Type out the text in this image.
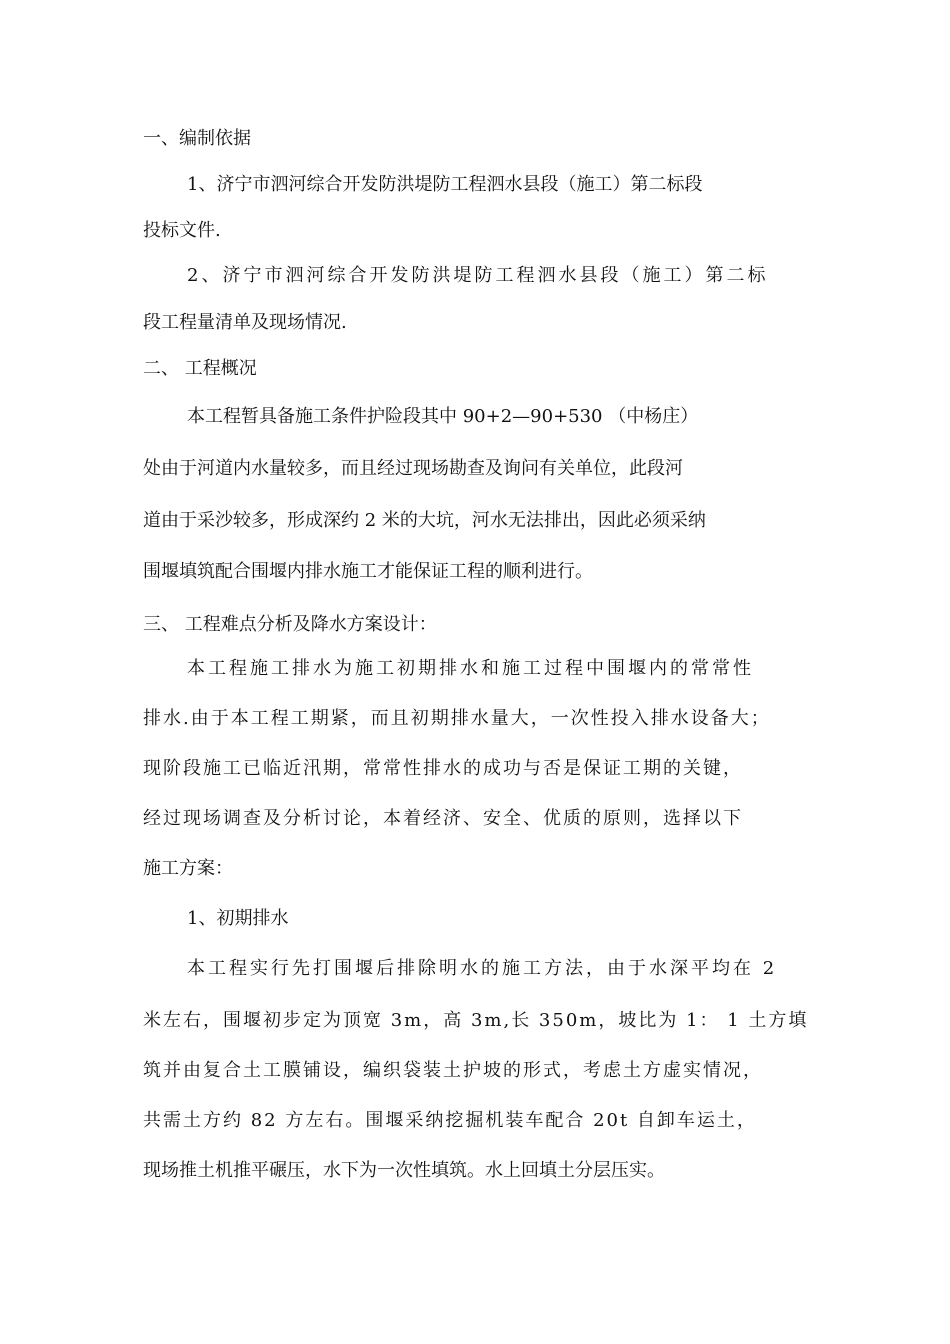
一、编制依据
1、济宁市泗河综合开发防洪堤防工程泗水县段（施工）第二标段
投标文件.
2、济宁市泗河综合开发防洪堤防工程泗水县段（施工）第二标
段工程量清单及现场情况.
二、 工程概况
本工程暂具备施工条件护险段其中 90+2—90+530 （中杨庄）
处由于河道内水量较多，而且经过现场勘查及询问有关单位，此段河
道由于采沙较多，形成深约 2 米的大坑，河水无法排出，因此必须采纳
围堰填筑配合围堰内排水施工才能保证工程的顺利进行。
三、 工程难点分析及降水方案设计：
本工程施工排水为施工初期排水和施工过程中围堰内的常常性
排水.由于本工程工期紧，而且初期排水量大，一次性投入排水设备大；
现阶段施工已临近汛期，常常性排水的成功与否是保证工期的关键，
经过现场调查及分析讨论，本着经济、安全、优质的原则，选择以下
施工方案：
1、初期排水
本工程实行先打围堰后排除明水的施工方法，由于水深平均在 2
米左右，围堰初步定为顶宽 3m，高 3m,长 350m，坡比为 1： 1 土方填
筑并由复合土工膜铺设，编织袋装土护坡的形式，考虑土方虚实情况，
共需土方约 82 方左右。围堰采纳挖掘机装车配合 20t 自卸车运土，
现场推土机推平碾压，水下为一次性填筑。水上回填土分层压实。
